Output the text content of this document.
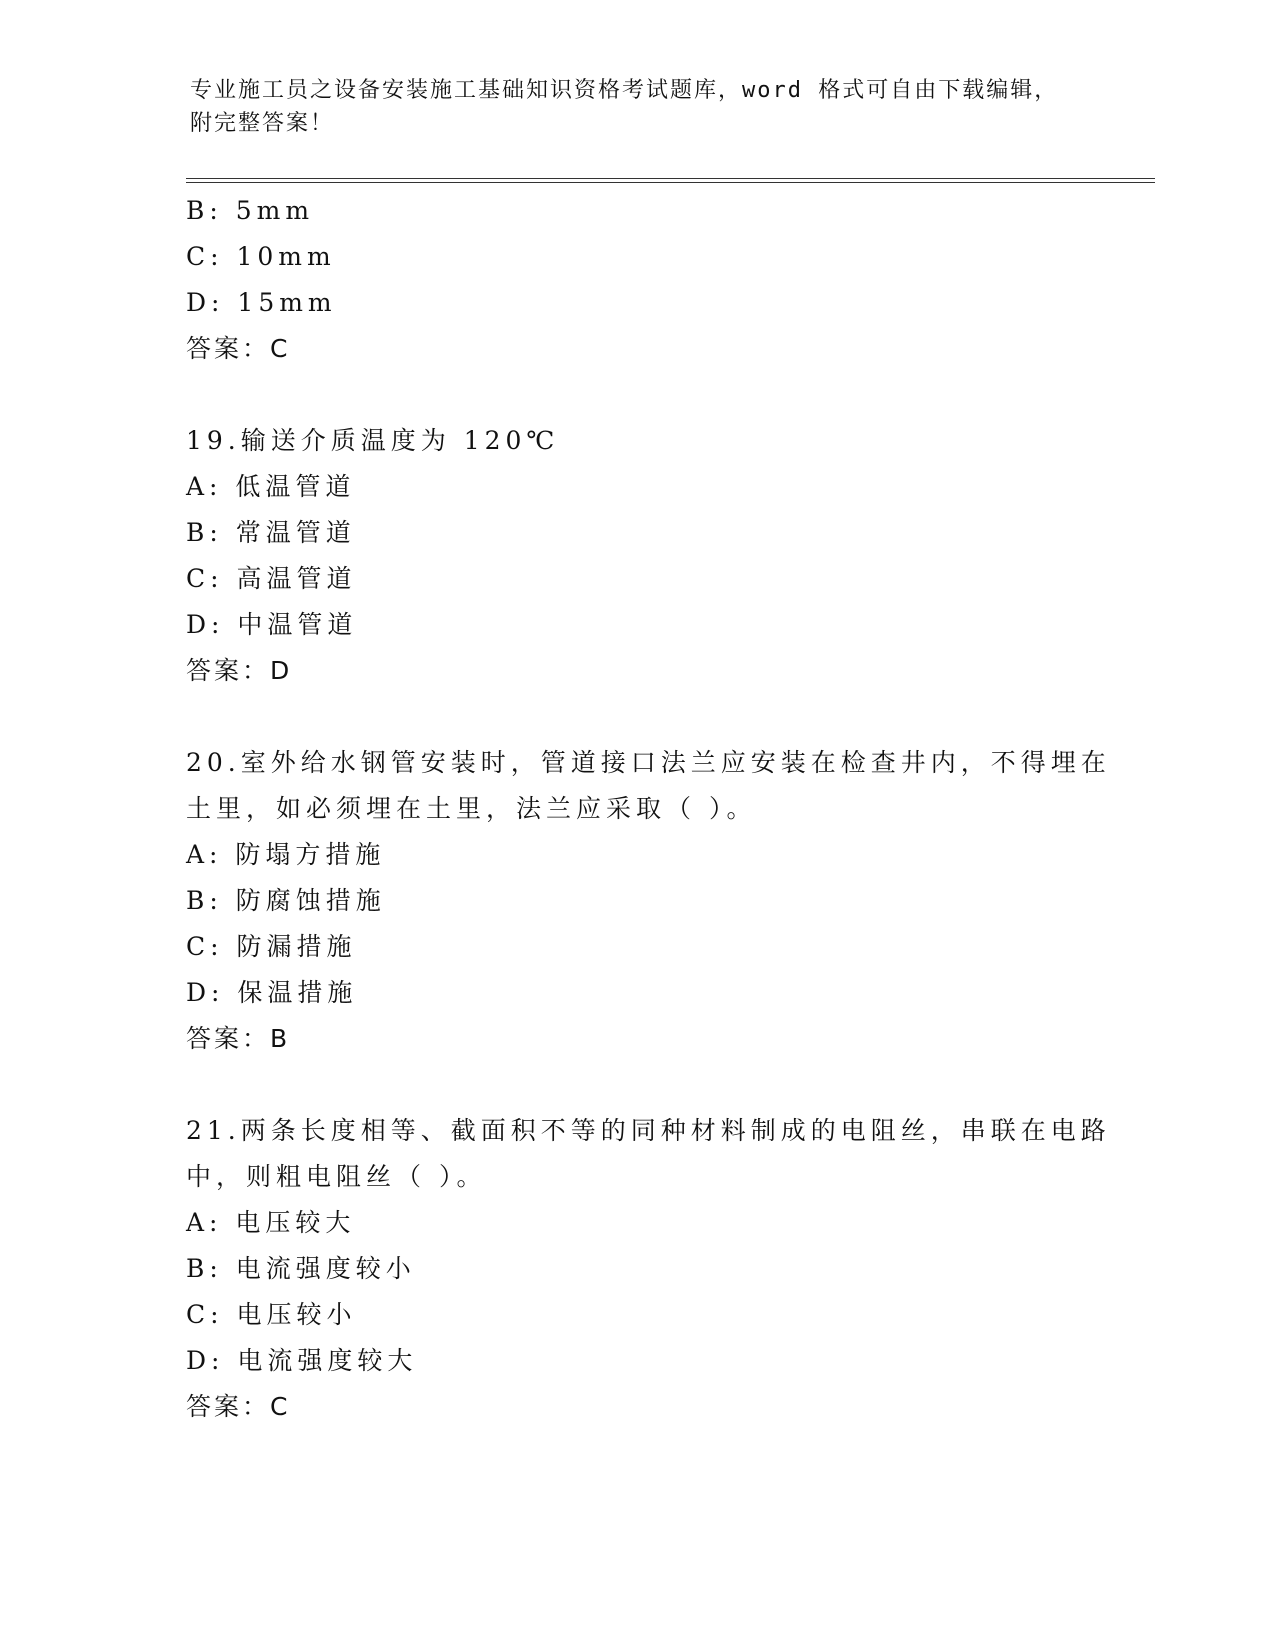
专业施工员之设备安装施工基础知识资格考试题库，word 格式可自由下载编辑，
附完整答案！
B: 5mm
C: 10mm
D: 15mm
答案：C
19.输送介质温度为 120℃
A: 低温管道
B: 常温管道
C: 高温管道
D: 中温管道
答案：D
20.室外给水钢管安装时，管道接口法兰应安装在检查井内，不得埋在
土里，如必须埋在土里，法兰应采取（ ）。
A: 防塌方措施
B: 防腐蚀措施
C: 防漏措施
D: 保温措施
答案：B
21.两条长度相等、截面积不等的同种材料制成的电阻丝，串联在电路
中，则粗电阻丝（ ）。
A: 电压较大
B: 电流强度较小
C: 电压较小
D: 电流强度较大
答案：C
